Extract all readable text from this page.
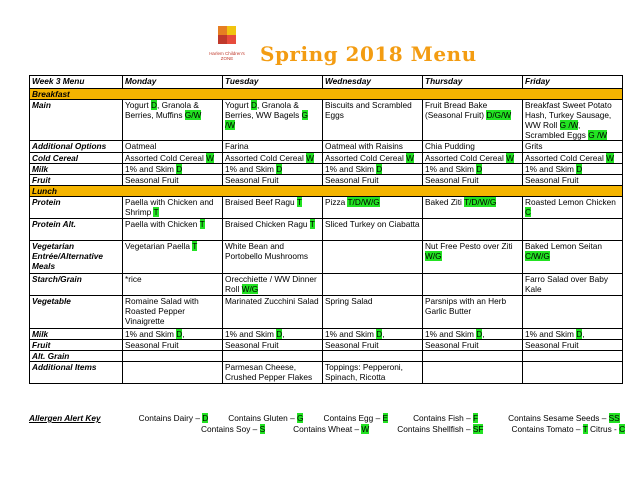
Harlem Children's ZONE	Spring 2018 Menu
Week 3 Menu	Monday	Tuesday	Wednesday	Thursday	Friday
Breakfast					
Main	Yogurt D, Granola & Berries, Muffins G/W	Yogurt D, Granola & Berries, WW Bagels G /W	Biscuits and Scrambled Eggs	Fruit Bread Bake (Seasonal Fruit) D/G/W	Breakfast Sweet Potato Hash, Turkey Sausage, WW Roll G /W, Scrambled Eggs G /W
Additional Options	Oatmeal	Farina	Oatmeal with Raisins	Chia Pudding	Grits
Cold Cereal	Assorted Cold Cereal W	Assorted Cold Cereal W	Assorted Cold Cereal W	Assorted Cold Cereal W	Assorted Cold Cereal W
Milk	1% and Skim D	1% and Skim D	1% and Skim D	1% and Skim D	1% and Skim D
Fruit	Seasonal Fruit	Seasonal Fruit	Seasonal Fruit	Seasonal Fruit	Seasonal Fruit
Lunch					
Protein	Paella with Chicken and Shrimp T	Braised Beef Ragu T	Pizza T/D/W/G	Baked Ziti T/D/W/G	Roasted Lemon Chicken C
Protein Alt.	Paella with Chicken T	Braised Chicken Ragu T	Sliced Turkey on Ciabatta		
Vegetarian Entrée/Alternative Meals	Vegetarian Paella T	White Bean and Portobello Mushrooms		Nut Free Pesto over Ziti W/G	Baked Lemon Seitan C/W/G
Starch/Grain	*rice	Orecchiette / WW Dinner Roll W/G			Farro Salad over Baby Kale
Vegetable	Romaine Salad with Roasted Pepper Vinaigrette	Marinated Zucchini Salad	Spring Salad	Parsnips with an Herb Garlic Butter	
Milk	1% and Skim D,	1% and Skim D,	1% and Skim D,	1% and Skim D,	1% and Skim D,
Fruit	Seasonal Fruit	Seasonal Fruit	Seasonal Fruit	Seasonal Fruit	Seasonal Fruit
Alt. Grain					
Additional Items		Parmesan Cheese, Crushed Pepper Flakes	Toppings: Pepperoni, Spinach, Ricotta		
Allergen Alert Key	Contains Dairy – D Contains Gluten – G Contains Egg – E	Contains Fish – F	Contains Sesame Seeds – SS
Contains Soy – S	Contains Wheat – W	Contains Shellfish – SF	Contains Tomato – T Citrus - C
